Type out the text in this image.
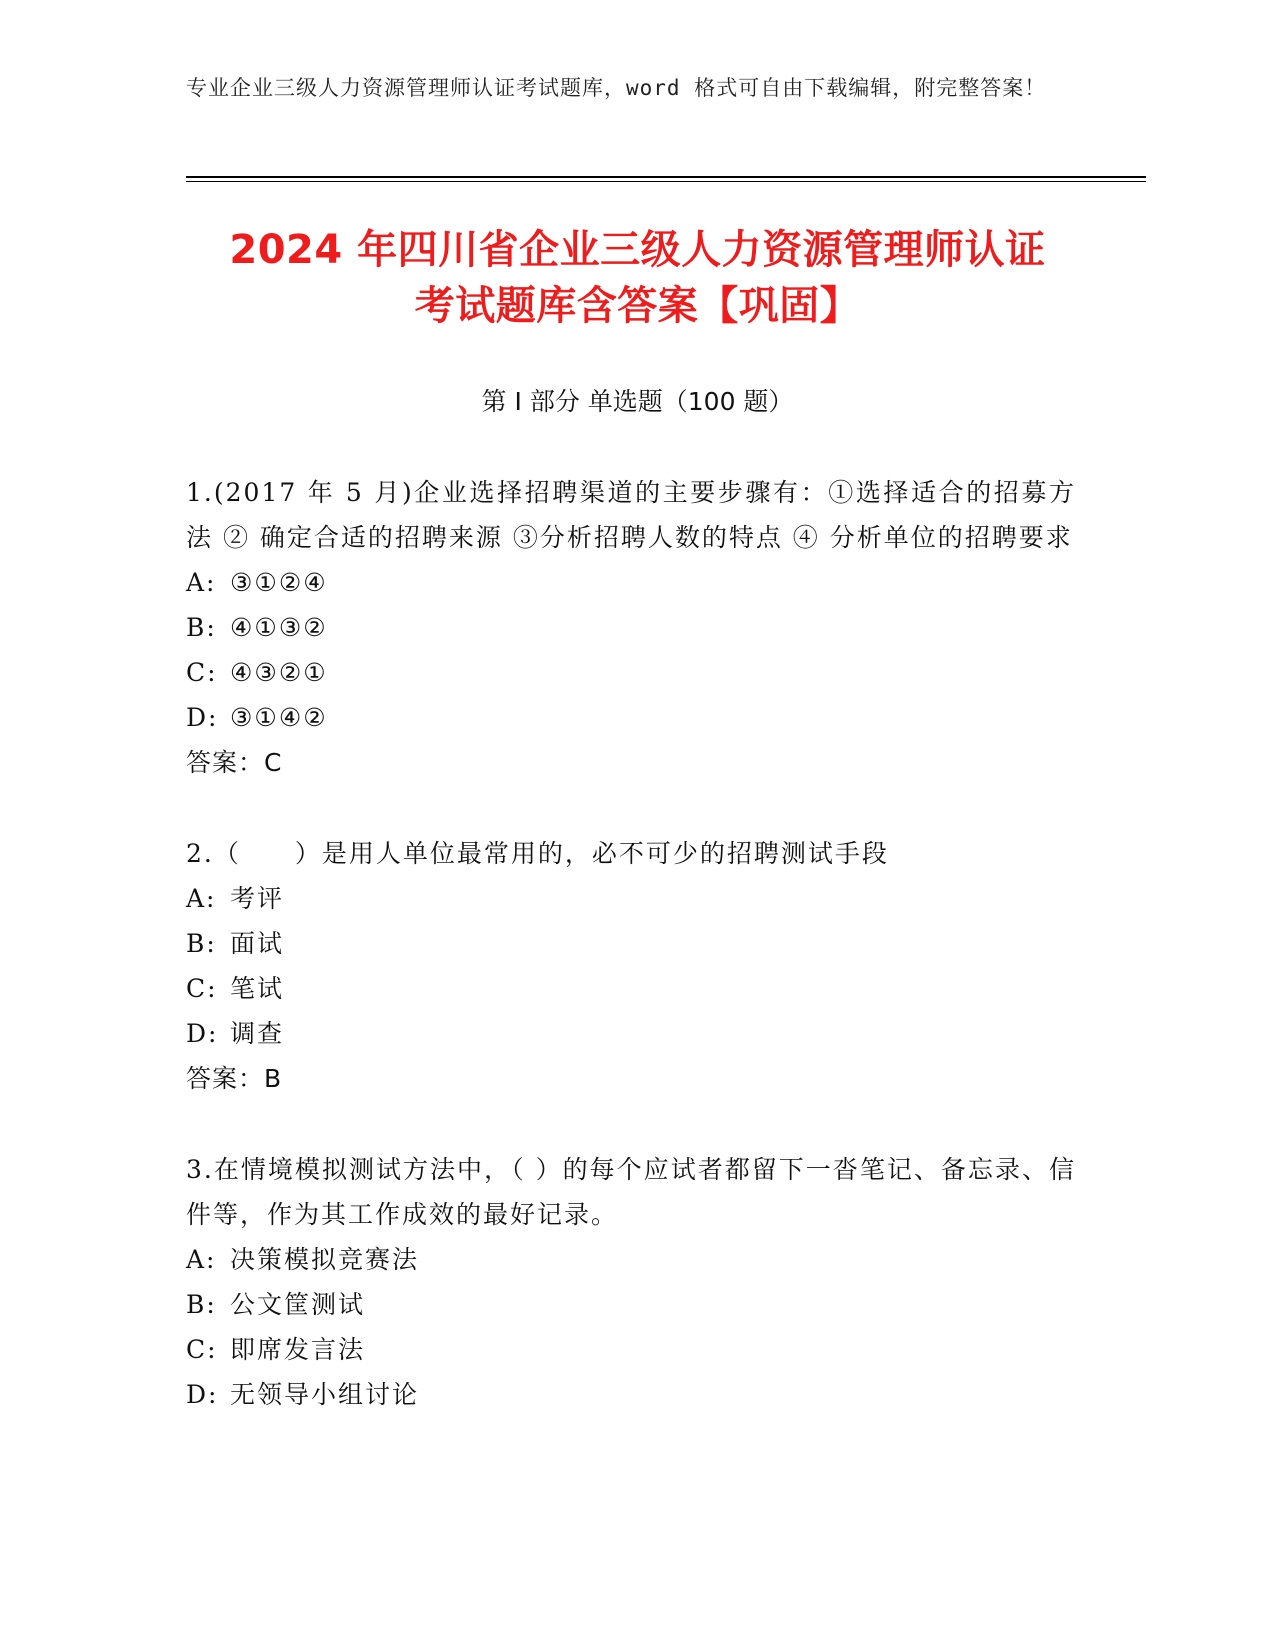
专业企业三级人力资源管理师认证考试题库，word 格式可自由下载编辑，附完整答案！
2024 年四川省企业三级人力资源管理师认证
考试题库含答案【巩固】
第 I 部分 单选题（100 题）
1.(2017 年 5 月)企业选择招聘渠道的主要步骤有：①选择适合的招募方法 ② 确定合适的招聘来源 ③分析招聘人数的特点 ④ 分析单位的招聘要求
A: ③①②④
B: ④①③②
C: ④③②①
D: ③①④②
答案：C
2.（　　）是用人单位最常用的，必不可少的招聘测试手段
A: 考评
B: 面试
C: 笔试
D: 调查
答案：B
3.在情境模拟测试方法中，（ ）的每个应试者都留下一沓笔记、备忘录、信件等，作为其工作成效的最好记录。
A: 决策模拟竞赛法
B: 公文筐测试
C: 即席发言法
D: 无领导小组讨论
